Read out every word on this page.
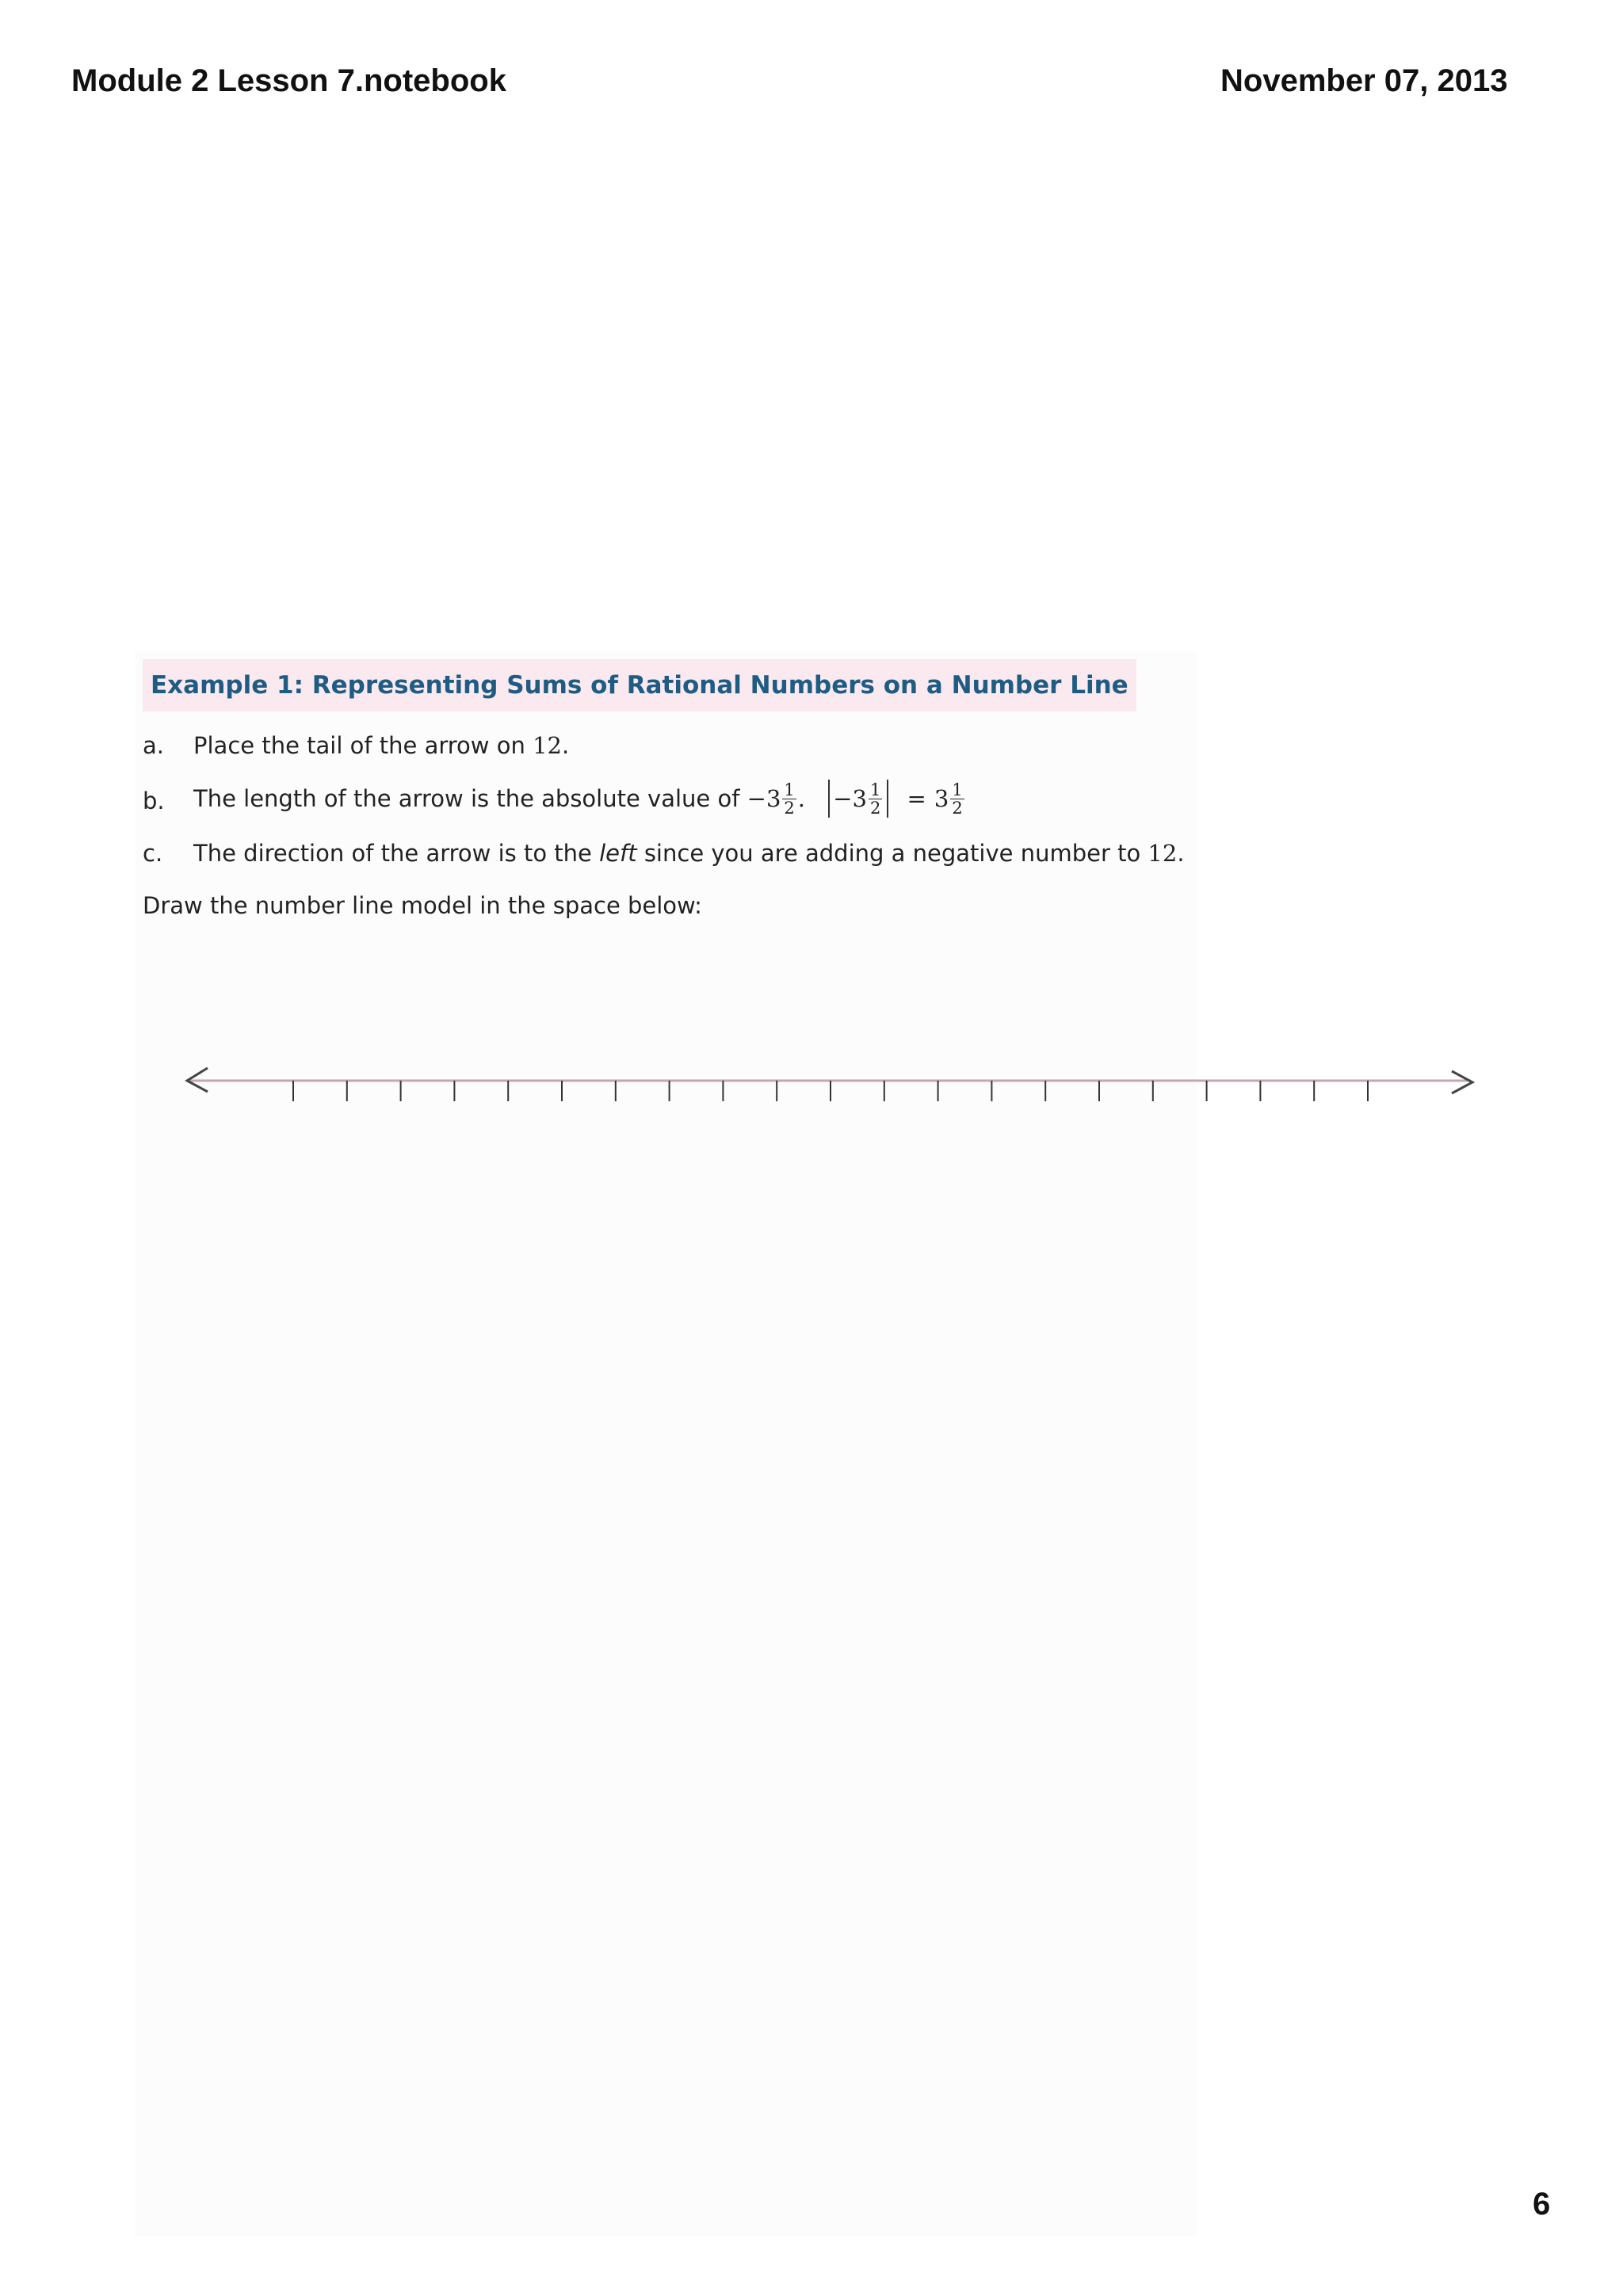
Module 2 Lesson 7.notebook	November 07, 2013
Example 1: Representing Sums of Rational Numbers on a Number Line
a. Place the tail of the arrow on 12.
b. The length of the arrow is the absolute value of $-3 \frac{1}{2}$ . $-3 \frac{1}{2} = 3 \frac{1}{2}$
c. The direction of the arrow is to the left since you are adding a negative number to 12.
Draw the number line model in the space below:
6
